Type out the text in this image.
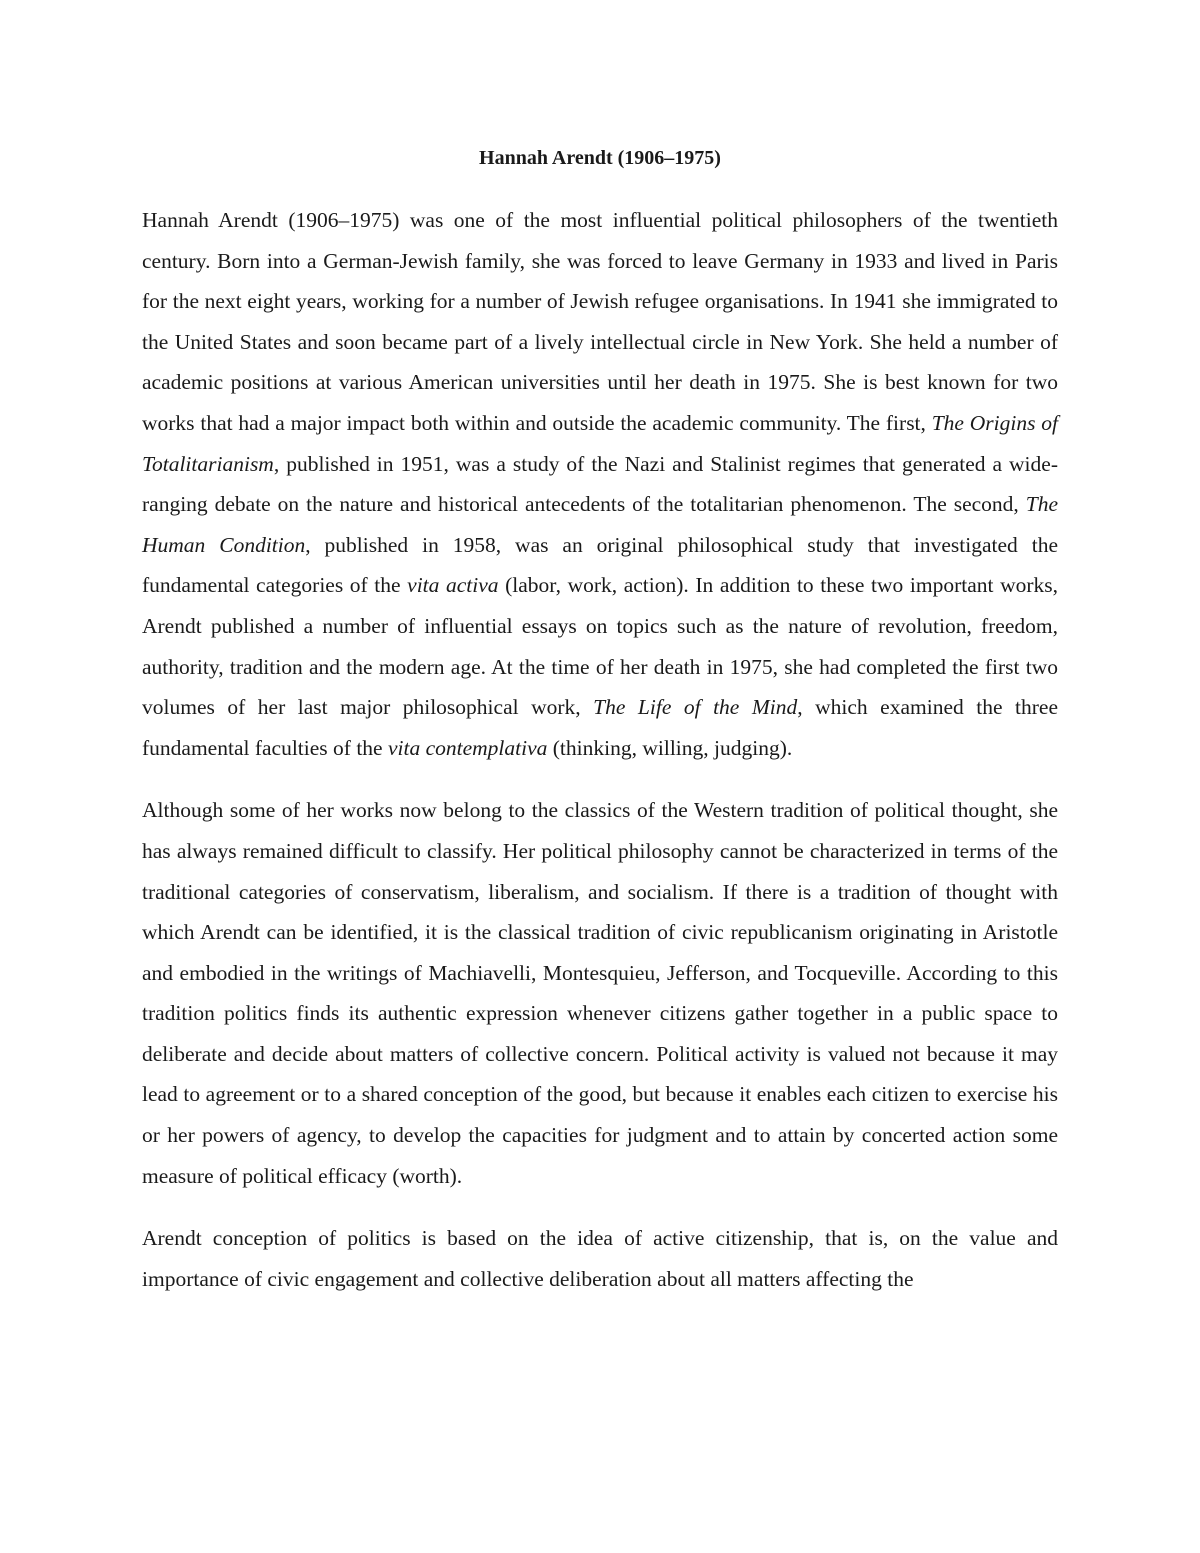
Hannah Arendt (1906–1975)

Hannah Arendt (1906–1975) was one of the most influential political philosophers of the twentieth century. Born into a German-Jewish family, she was forced to leave Germany in 1933 and lived in Paris for the next eight years, working for a number of Jewish refugee organisations. In 1941 she immigrated to the United States and soon became part of a lively intellectual circle in New York. She held a number of academic positions at various American universities until her death in 1975. She is best known for two works that had a major impact both within and outside the academic community. The first, The Origins of Totalitarianism, published in 1951, was a study of the Nazi and Stalinist regimes that generated a wide-ranging debate on the nature and historical antecedents of the totalitarian phenomenon. The second, The Human Condition, published in 1958, was an original philosophical study that investigated the fundamental categories of the vita activa (labor, work, action). In addition to these two important works, Arendt published a number of influential essays on topics such as the nature of revolution, freedom, authority, tradition and the modern age. At the time of her death in 1975, she had completed the first two volumes of her last major philosophical work, The Life of the Mind, which examined the three fundamental faculties of the vita contemplativa (thinking, willing, judging).

Although some of her works now belong to the classics of the Western tradition of political thought, she has always remained difficult to classify. Her political philosophy cannot be characterized in terms of the traditional categories of conservatism, liberalism, and socialism. If there is a tradition of thought with which Arendt can be identified, it is the classical tradition of civic republicanism originating in Aristotle and embodied in the writings of Machiavelli, Montesquieu, Jefferson, and Tocqueville. According to this tradition politics finds its authentic expression whenever citizens gather together in a public space to deliberate and decide about matters of collective concern. Political activity is valued not because it may lead to agreement or to a shared conception of the good, but because it enables each citizen to exercise his or her powers of agency, to develop the capacities for judgment and to attain by concerted action some measure of political efficacy (worth).

Arendt conception of politics is based on the idea of active citizenship, that is, on the value and importance of civic engagement and collective deliberation about all matters affecting the
